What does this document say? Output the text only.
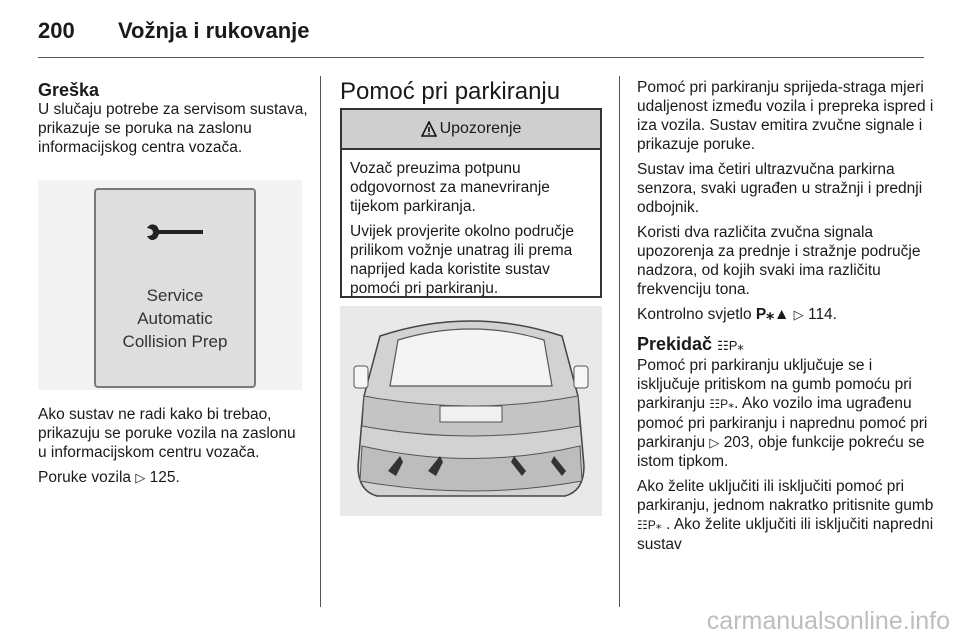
200 Vožnja i rukovanje
Greška

U slučaju potrebe za servisom sustava, prikazuje se poruka na zaslonu informacijskog centra vozača.

Service
Automatic
Collision Prep

Ako sustav ne radi kako bi trebao, prikazuju se poruke vozila na zaslonu u informacijskom centru vozača.

Poruke vozila ▷ 125.

Pomoć pri parkiranju
Upozorenje

Vozač preuzima potpunu odgovornost za manevriranje tijekom parkiranja.

Uvijek provjerite okolno područje prilikom vožnje unatrag ili prema naprijed kada koristite sustav pomoći pri parkiranju.

Pomoć pri parkiranju sprijeda-straga mjeri udaljenost između vozila i prepreka ispred i iza vozila. Sustav emitira zvučne signale i prikazuje poruke.

Sustav ima četiri ultrazvučna parkirna senzora, svaki ugrađen u stražnji i prednji odbojnik.

Koristi dva različita zvučna signala upozorenja za prednje i stražnje područje nadzora, od kojih svaki ima različitu frekvenciju tona.

Kontrolno svjetlo P⁎▲ ▷ 114.

Prekidač ☷P⁎

Pomoć pri parkiranju uključuje se i isključuje pritiskom na gumb pomoću pri parkiranju ☷P⁎. Ako vozilo ima ugrađenu pomoć pri parkiranju i naprednu pomoć pri parkiranju ▷ 203, obje funkcije pokreću se istom tipkom.

Ako želite uključiti ili isključiti pomoć pri parkiranju, jednom nakratko pritisnite gumb ☷P⁎ . Ako želite uključiti ili isključiti napredni sustav

carmanualsonline.info
